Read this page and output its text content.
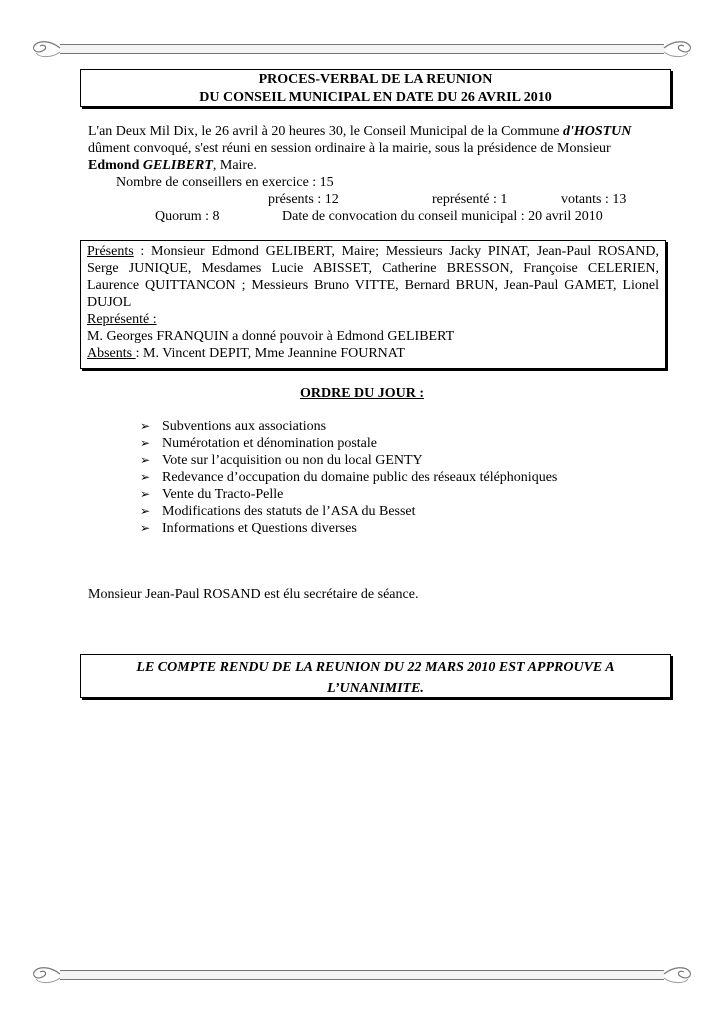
PROCES-VERBAL DE LA REUNION
DU CONSEIL MUNICIPAL EN DATE DU 26 AVRIL 2010
L'an Deux Mil Dix, le 26 avril à 20 heures 30, le Conseil Municipal de la Commune d'HOSTUN
dûment convoqué, s'est réuni en session ordinaire à la mairie, sous la présidence de Monsieur
Edmond GELIBERT, Maire.
Nombre de conseillers en exercice : 15
présents : 12	représenté : 1	votants : 13
Quorum : 8	Date de convocation du conseil municipal : 20 avril 2010

Présents : Monsieur Edmond GELIBERT, Maire; Messieurs Jacky PINAT, Jean-Paul ROSAND, Serge JUNIQUE, Mesdames Lucie ABISSET, Catherine BRESSON, Françoise CELERIEN, Laurence QUITTANCON ; Messieurs Bruno VITTE, Bernard BRUN, Jean-Paul GAMET, Lionel DUJOL

Représenté :

M. Georges FRANQUIN a donné pouvoir à Edmond GELIBERT

Absents : M. Vincent DEPIT, Mme Jeannine FOURNAT

ORDRE DU JOUR :
➢ Subventions aux associations
➢ Numérotation et dénomination postale
➢ Vote sur l’acquisition ou non du local GENTY
➢ Redevance d’occupation du domaine public des réseaux téléphoniques
➢ Vente du Tracto-Pelle
➢ Modifications des statuts de l’ASA du Besset
➢ Informations et Questions diverses
Monsieur Jean-Paul ROSAND est élu secrétaire de séance.
LE COMPTE RENDU DE LA REUNION DU 22 MARS 2010 EST APPROUVE A
L’UNANIMITE.
